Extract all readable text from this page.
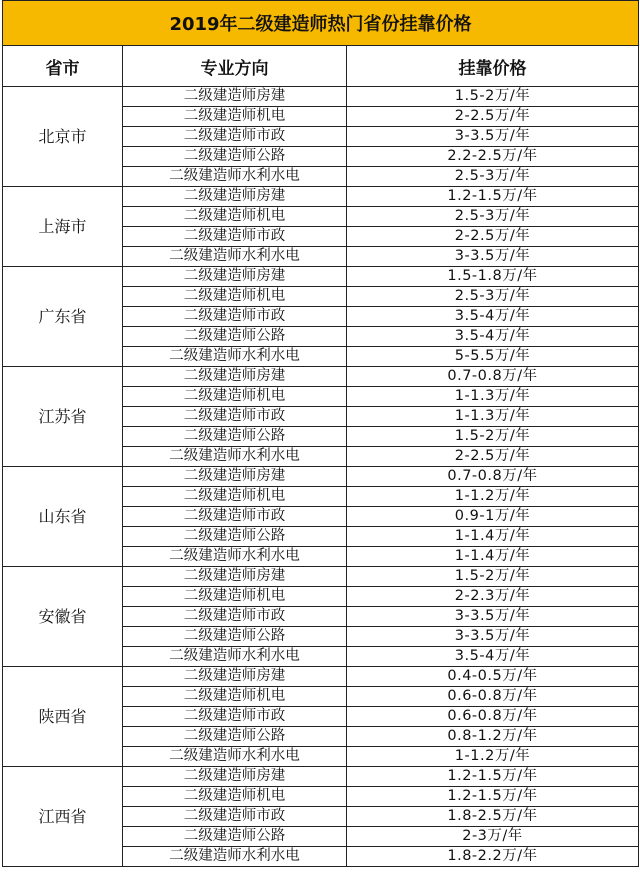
2019年二级建造师热门省份挂靠价格		
省市	专业方向	挂靠价格
北京市	二级建造师房建	1.5-2万/年
	二级建造师机电	2-2.5万/年
	二级建造师市政	3-3.5万/年
	二级建造师公路	2.2-2.5万/年
	二级建造师水利水电	2.5-3万/年
上海市	二级建造师房建	1.2-1.5万/年
	二级建造师机电	2.5-3万/年
	二级建造师市政	2-2.5万/年
	二级建造师水利水电	3-3.5万/年
广东省	二级建造师房建	1.5-1.8万/年
	二级建造师机电	2.5-3万/年
	二级建造师市政	3.5-4万/年
	二级建造师公路	3.5-4万/年
	二级建造师水利水电	5-5.5万/年
江苏省	二级建造师房建	0.7-0.8万/年
	二级建造师机电	1-1.3万/年
	二级建造师市政	1-1.3万/年
	二级建造师公路	1.5-2万/年
	二级建造师水利水电	2-2.5万/年
山东省	二级建造师房建	0.7-0.8万/年
	二级建造师机电	1-1.2万/年
	二级建造师市政	0.9-1万/年
	二级建造师公路	1-1.4万/年
	二级建造师水利水电	1-1.4万/年
安徽省	二级建造师房建	1.5-2万/年
	二级建造师机电	2-2.3万/年
	二级建造师市政	3-3.5万/年
	二级建造师公路	3-3.5万/年
	二级建造师水利水电	3.5-4万/年
陕西省	二级建造师房建	0.4-0.5万/年
	二级建造师机电	0.6-0.8万/年
	二级建造师市政	0.6-0.8万/年
	二级建造师公路	0.8-1.2万/年
	二级建造师水利水电	1-1.2万/年
江西省	二级建造师房建	1.2-1.5万/年
	二级建造师机电	1.2-1.5万/年
	二级建造师市政	1.8-2.5万/年
	二级建造师公路	2-3万/年
	二级建造师水利水电	1.8-2.2万/年
